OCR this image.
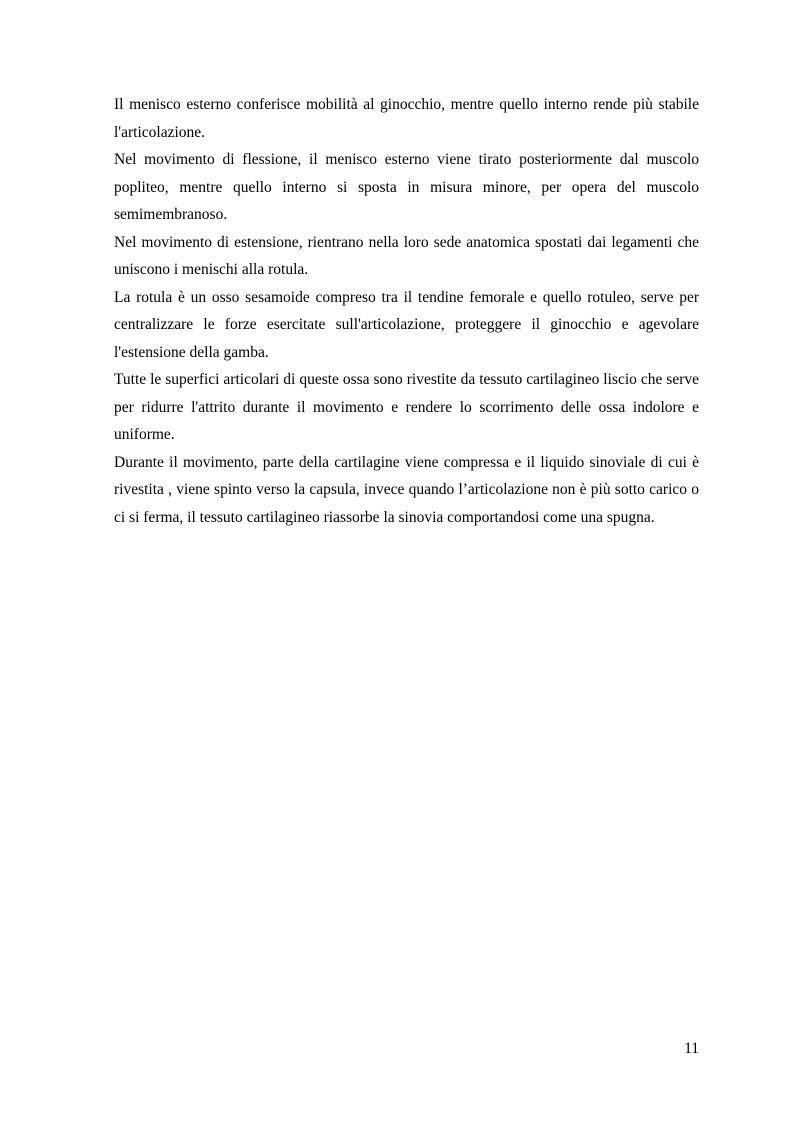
Il menisco esterno conferisce mobilità al ginocchio, mentre quello interno rende più stabile l'articolazione.

Nel movimento di flessione, il menisco esterno viene tirato posteriormente dal muscolo popliteo, mentre quello interno si sposta in misura minore, per opera del muscolo semimembranoso.

Nel movimento di estensione, rientrano nella loro sede anatomica spostati dai legamenti che uniscono i menischi alla rotula.

La rotula è un osso sesamoide compreso tra il tendine femorale e quello rotuleo, serve per centralizzare le forze esercitate sull'articolazione, proteggere il ginocchio e agevolare l'estensione della gamba.

Tutte le superfici articolari di queste ossa sono rivestite da tessuto cartilagineo liscio che serve per ridurre l'attrito durante il movimento e rendere lo scorrimento delle ossa indolore e uniforme.

Durante il movimento, parte della cartilagine viene compressa e il liquido sinoviale di cui è rivestita , viene spinto verso la capsula, invece quando l’articolazione non è più sotto carico o ci si ferma, il tessuto cartilagineo riassorbe la sinovia comportandosi come una spugna.

11
